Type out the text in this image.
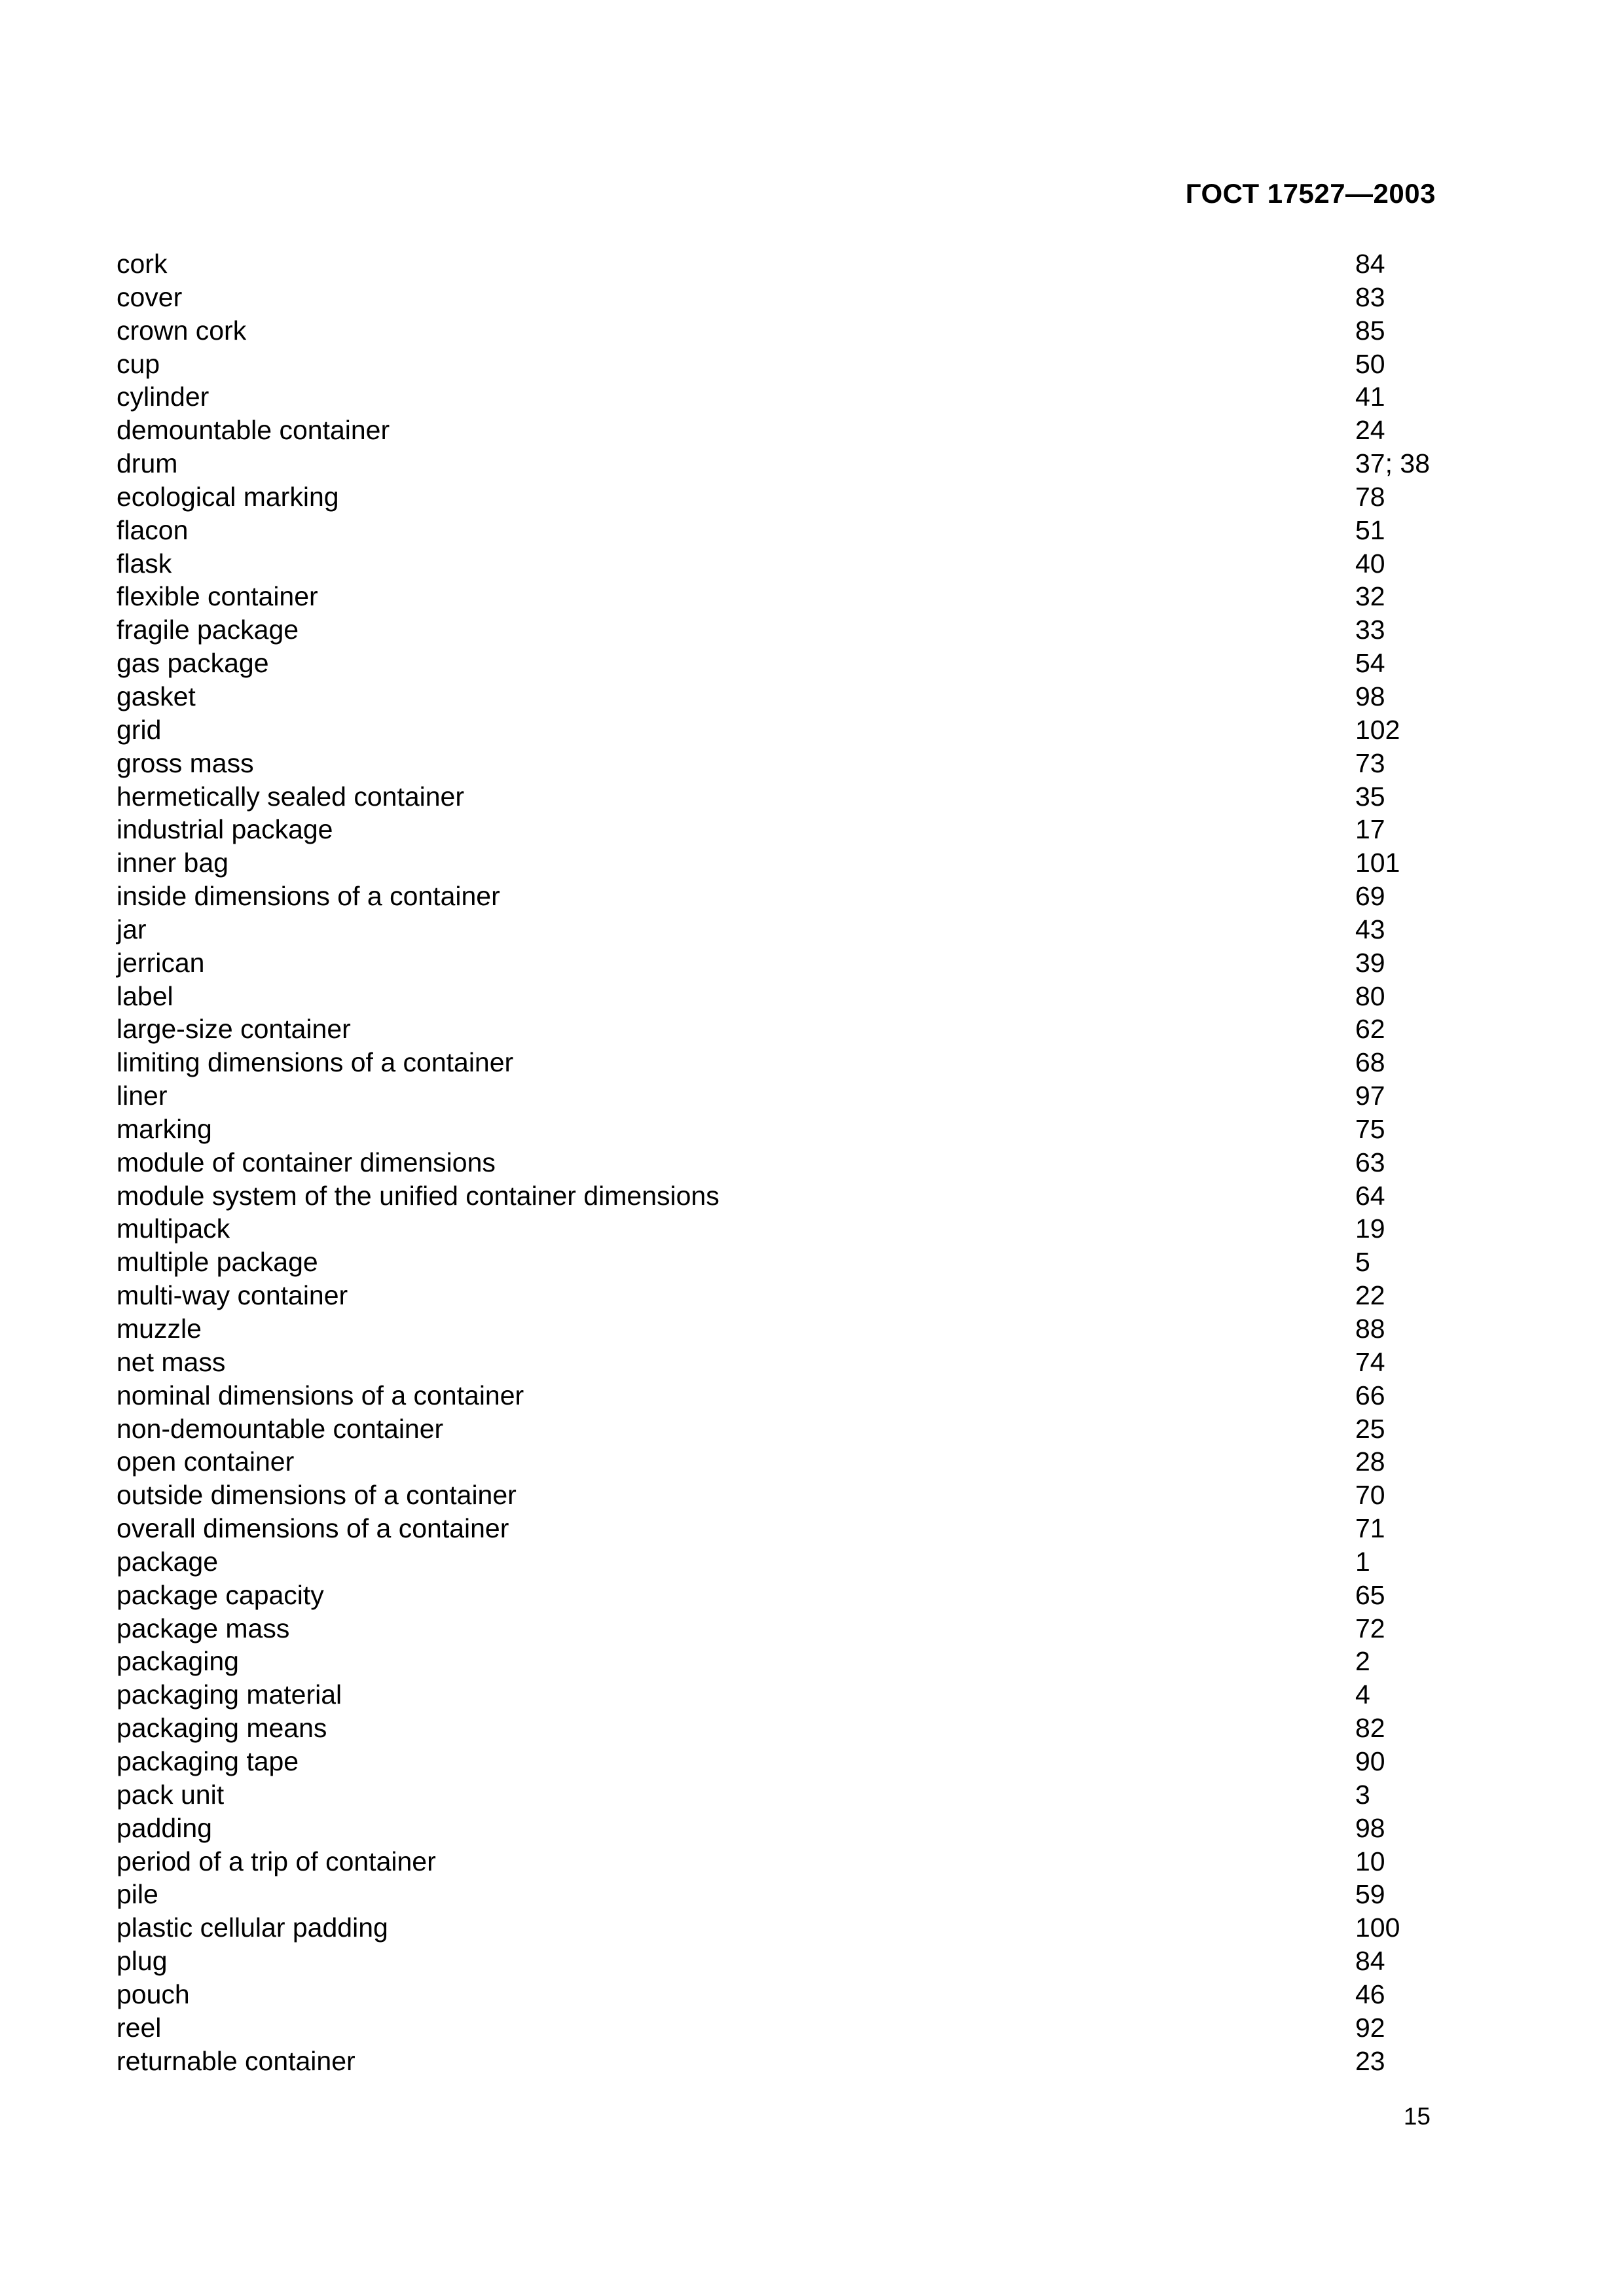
ГОСТ 17527—2003
cork	84
cover	83
crown cork	85
cup	50
cylinder	41
demountable container	24
drum	37; 38
ecological marking	78
flacon	51
flask	40
flexible container	32
fragile package	33
gas package	54
gasket	98
grid	102
gross mass	73
hermetically sealed container	35
industrial package	17
inner bag	101
inside dimensions of a container	69
jar	43
jerrican	39
label	80
large-size container	62
limiting dimensions of a container	68
liner	97
marking	75
module of container dimensions	63
module system of the unified container dimensions	64
multipack	19
multiple package	5
multi-way container	22
muzzle	88
net mass	74
nominal dimensions of a container	66
non-demountable container	25
open container	28
outside dimensions of a container	70
overall dimensions of a container	71
package	1
package capacity	65
package mass	72
packaging	2
packaging material	4
packaging means	82
packaging tape	90
pack unit	3
padding	98
period of a trip of container	10
pile	59
plastic cellular padding	100
plug	84
pouch	46
reel	92
returnable container	23
15
